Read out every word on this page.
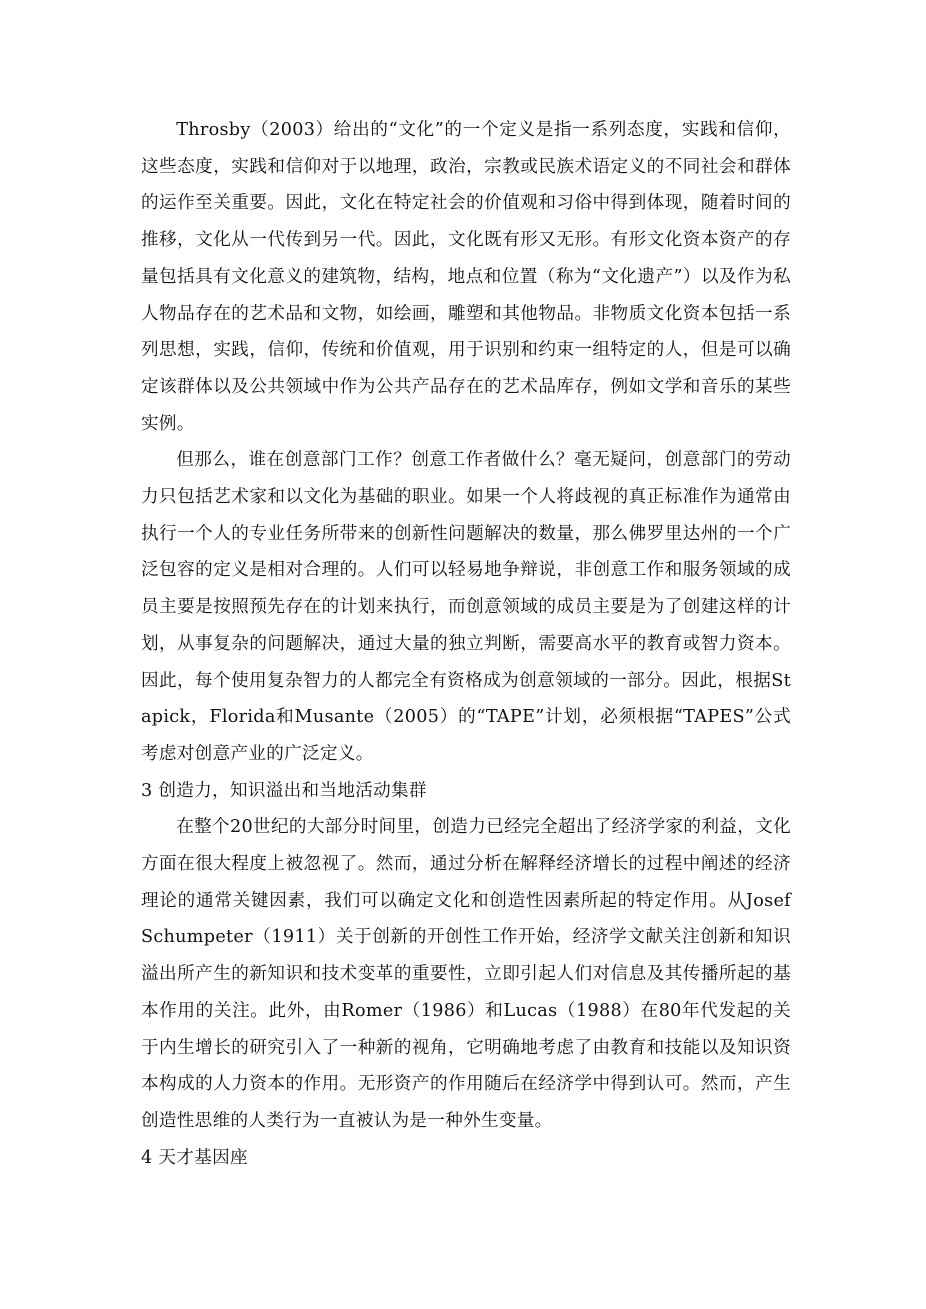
Throsby（2003）给出的“文化”的一个定义是指一系列态度，实践和信仰，这些态度，实践和信仰对于以地理，政治，宗教或民族术语定义的不同社会和群体的运作至关重要。因此，文化在特定社会的价值观和习俗中得到体现，随着时间的推移，文化从一代传到另一代。因此，文化既有形又无形。有形文化资本资产的存量包括具有文化意义的建筑物，结构，地点和位置（称为“文化遗产”）以及作为私人物品存在的艺术品和文物，如绘画，雕塑和其他物品。非物质文化资本包括一系列思想，实践，信仰，传统和价值观，用于识别和约束一组特定的人，但是可以确定该群体以及公共领域中作为公共产品存在的艺术品库存，例如文学和音乐的某些实例。

但那么，谁在创意部门工作？创意工作者做什么？毫无疑问，创意部门的劳动力只包括艺术家和以文化为基础的职业。如果一个人将歧视的真正标准作为通常由执行一个人的专业任务所带来的创新性问题解决的数量，那么佛罗里达州的一个广泛包容的定义是相对合理的。人们可以轻易地争辩说，非创意工作和服务领域的成员主要是按照预先存在的计划来执行，而创意领域的成员主要是为了创建这样的计划，从事复杂的问题解决，通过大量的独立判断，需要高水平的教育或智力资本。因此，每个使用复杂智力的人都完全有资格成为创意领域的一部分。因此，根据Stapick，Florida和Musante（2005）的“TAPE”计划，必须根据“TAPES”公式考虑对创意产业的广泛定义。

3 创造力，知识溢出和当地活动集群

在整个20世纪的大部分时间里，创造力已经完全超出了经济学家的利益，文化方面在很大程度上被忽视了。然而，通过分析在解释经济增长的过程中阐述的经济理论的通常关键因素，我们可以确定文化和创造性因素所起的特定作用。从Josef Schumpeter（1911）关于创新的开创性工作开始，经济学文献关注创新和知识溢出所产生的新知识和技术变革的重要性，立即引起人们对信息及其传播所起的基本作用的关注。此外，由Romer（1986）和Lucas（1988）在80年代发起的关于内生增长的研究引入了一种新的视角，它明确地考虑了由教育和技能以及知识资本构成的人力资本的作用。无形资产的作用随后在经济学中得到认可。然而，产生创造性思维的人类行为一直被认为是一种外生变量。

4 天才基因座
